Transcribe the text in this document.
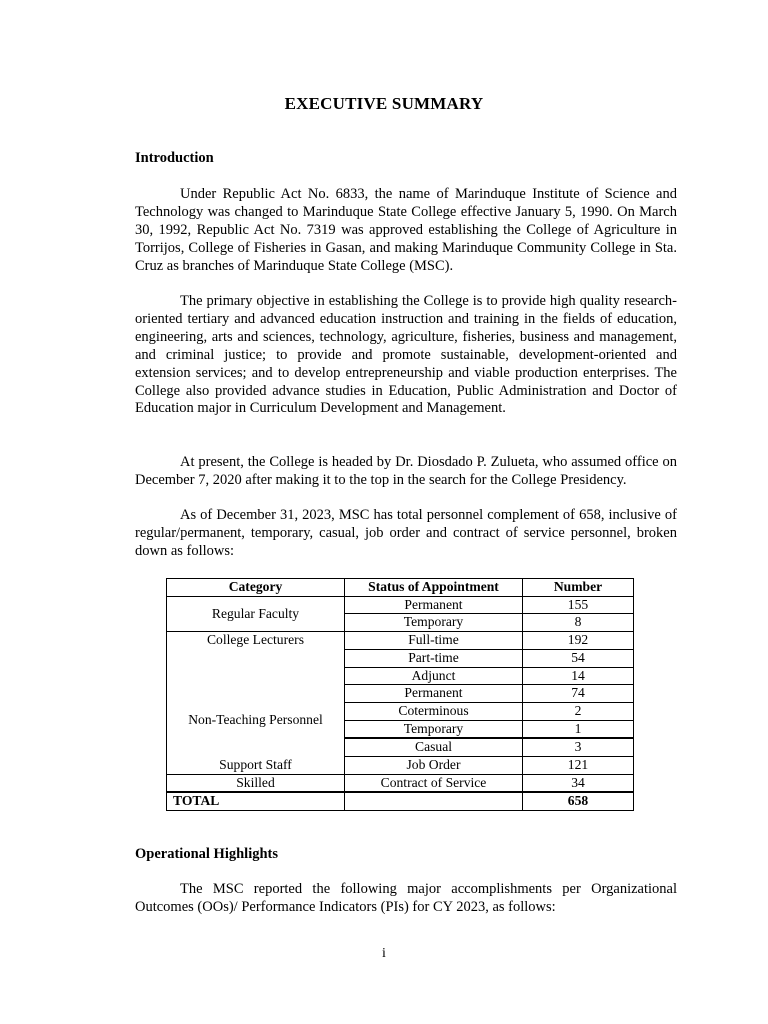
EXECUTIVE SUMMARY
Introduction

Under Republic Act No. 6833, the name of Marinduque Institute of Science and Technology was changed to Marinduque State College effective January 5, 1990. On March 30, 1992, Republic Act No. 7319 was approved establishing the College of Agriculture in Torrijos, College of Fisheries in Gasan, and making Marinduque Community College in Sta. Cruz as branches of Marinduque State College (MSC).

The primary objective in establishing the College is to provide high quality research-oriented tertiary and advanced education instruction and training in the fields of education, engineering, arts and sciences, technology, agriculture, fisheries, business and management, and criminal justice; to provide and promote sustainable, development-oriented and extension services; and to develop entrepreneurship and viable production enterprises. The College also provided advance studies in Education, Public Administration and Doctor of Education major in Curriculum Development and Management.

At present, the College is headed by Dr. Diosdado P. Zulueta, who assumed office on December 7, 2020 after making it to the top in the search for the College Presidency.

As of December 31, 2023, MSC has total personnel complement of 658, inclusive of regular/permanent, temporary, casual, job order and contract of service personnel, broken down as follows:

Category	Status of Appointment	Number
Regular Faculty	Permanent	155
	Temporary	8
College Lecturers	Full-time	192
	Part-time	54
	Adjunct	14
Non-Teaching Personnel	Permanent	74
	Coterminous	2
	Temporary	1
	Casual	3
Support Staff	Job Order	121
Skilled	Contract of Service	34
TOTAL		658
Operational Highlights

The MSC reported the following major accomplishments per Organizational Outcomes (OOs)/ Performance Indicators (PIs) for CY 2023, as follows:

i
